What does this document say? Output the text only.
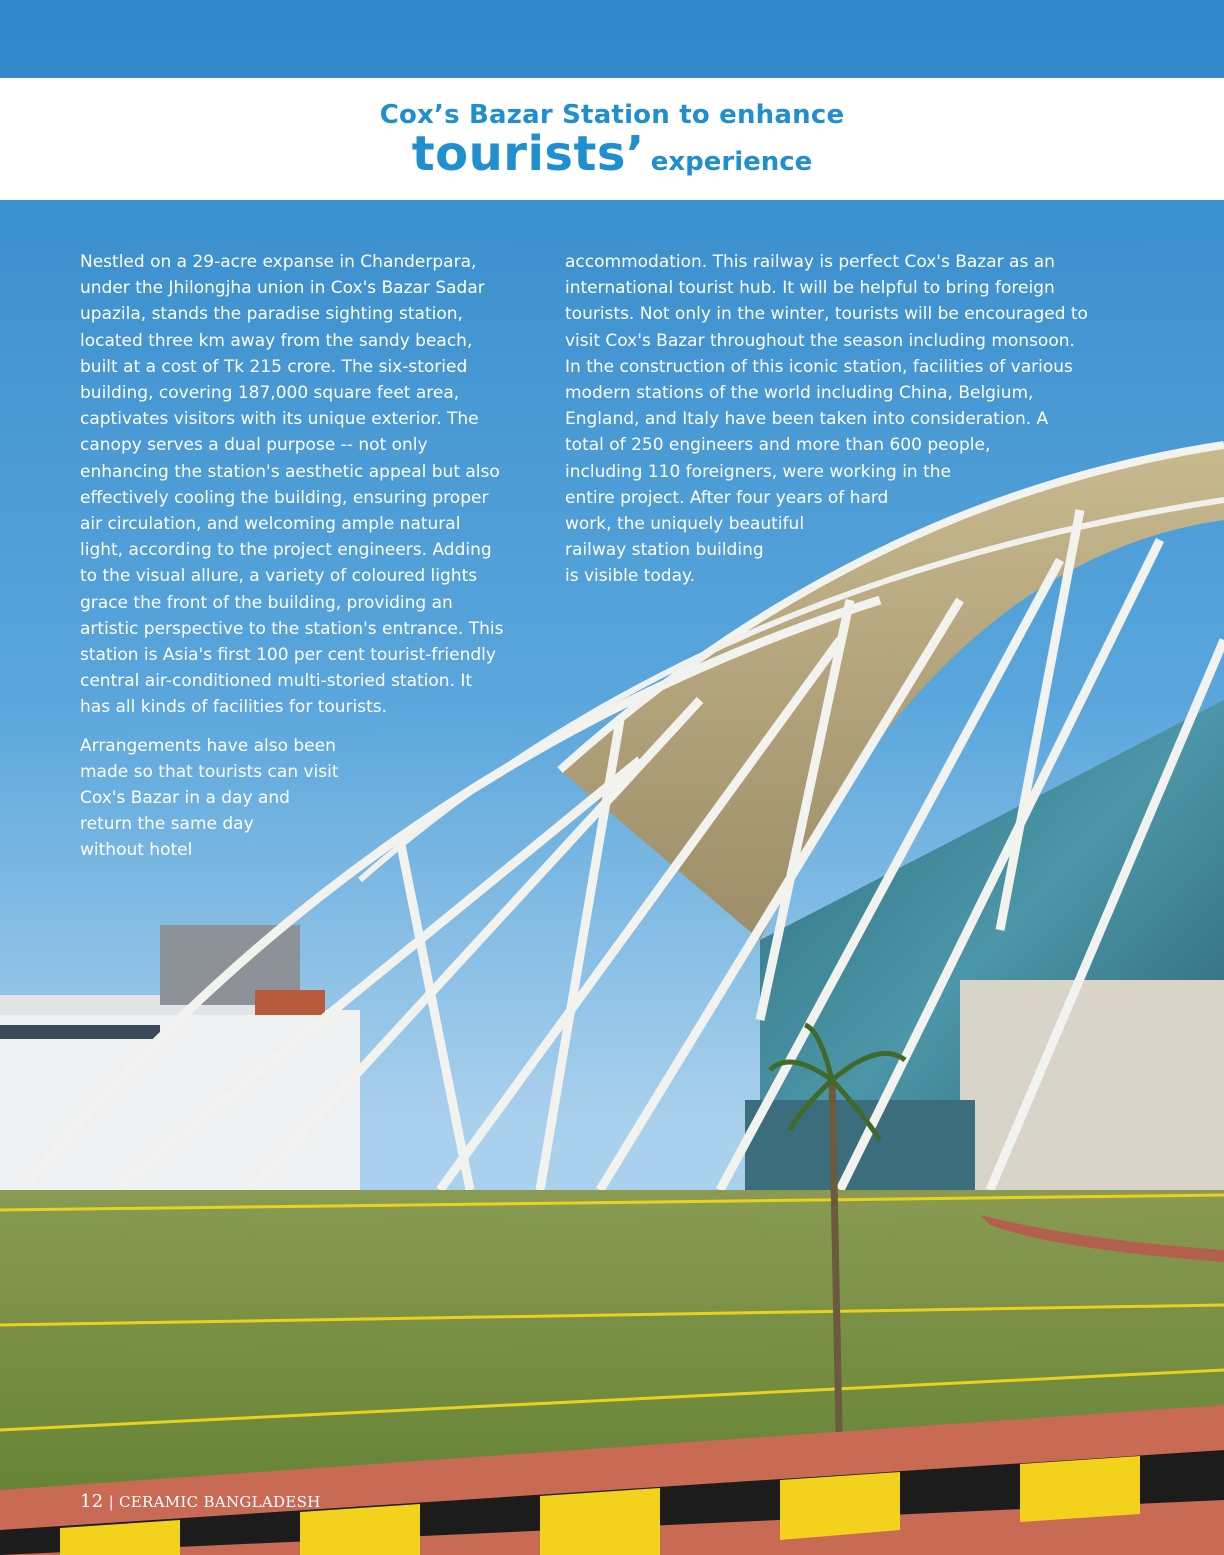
Cox’s Bazar Station to enhance
tourists’ experience

Nestled on a 29-acre expanse in Chanderpara,
under the Jhilongjha union in Cox's Bazar Sadar
upazila, stands the paradise sighting station,
located three km away from the sandy beach,
built at a cost of Tk 215 crore. The six-storied
building, covering 187,000 square feet area,
captivates visitors with its unique exterior. The
canopy serves a dual purpose -- not only
enhancing the station's aesthetic appeal but also
effectively cooling the building, ensuring proper
air circulation, and welcoming ample natural
light, according to the project engineers. Adding
to the visual allure, a variety of coloured lights
grace the front of the building, providing an
artistic perspective to the station's entrance. This
station is Asia's first 100 per cent tourist-friendly
central air-conditioned multi-storied station. It
has all kinds of facilities for tourists.

Arrangements have also been
made so that tourists can visit
Cox's Bazar in a day and
return the same day
without hotel

accommodation. This railway is perfect Cox's Bazar as an
international tourist hub. It will be helpful to bring foreign
tourists. Not only in the winter, tourists will be encouraged to
visit Cox's Bazar throughout the season including monsoon.
In the construction of this iconic station, facilities of various
modern stations of the world including China, Belgium,
England, and Italy have been taken into consideration. A
total of 250 engineers and more than 600 people,
including 110 foreigners, were working in the
entire project. After four years of hard
work, the uniquely beautiful
railway station building
is visible today.

12 | CERAMIC BANGLADESH
